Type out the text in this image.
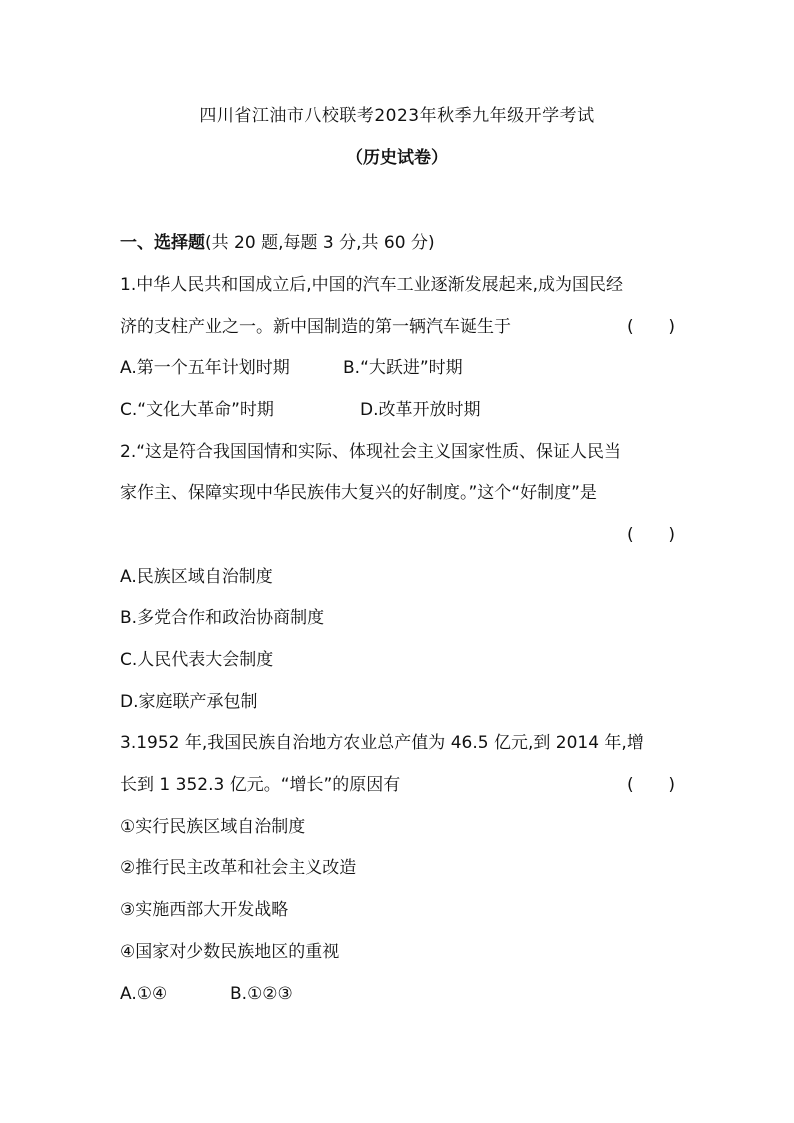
四川省江油市八校联考2023年秋季九年级开学考试
（历史试卷）
一、选择题(共 20 题,每题 3 分,共 60 分)
1.中华人民共和国成立后,中国的汽车工业逐渐发展起来,成为国民经
济的支柱产业之一。新中国制造的第一辆汽车诞生于	( )
A.第一个五年计划时期	B.“大跃进”时期
C.“文化大革命”时期	D.改革开放时期
2.“这是符合我国国情和实际、体现社会主义国家性质、保证人民当
家作主、保障实现中华民族伟大复兴的好制度。”这个“好制度”是
( )
A.民族区域自治制度
B.多党合作和政治协商制度
C.人民代表大会制度
D.家庭联产承包制
3.1952 年,我国民族自治地方农业总产值为 46.5 亿元,到 2014 年,增
长到 1 352.3 亿元。“增长”的原因有	( )
①实行民族区域自治制度
②推行民主改革和社会主义改造
③实施西部大开发战略
④国家对少数民族地区的重视
A.①④	B.①②③
